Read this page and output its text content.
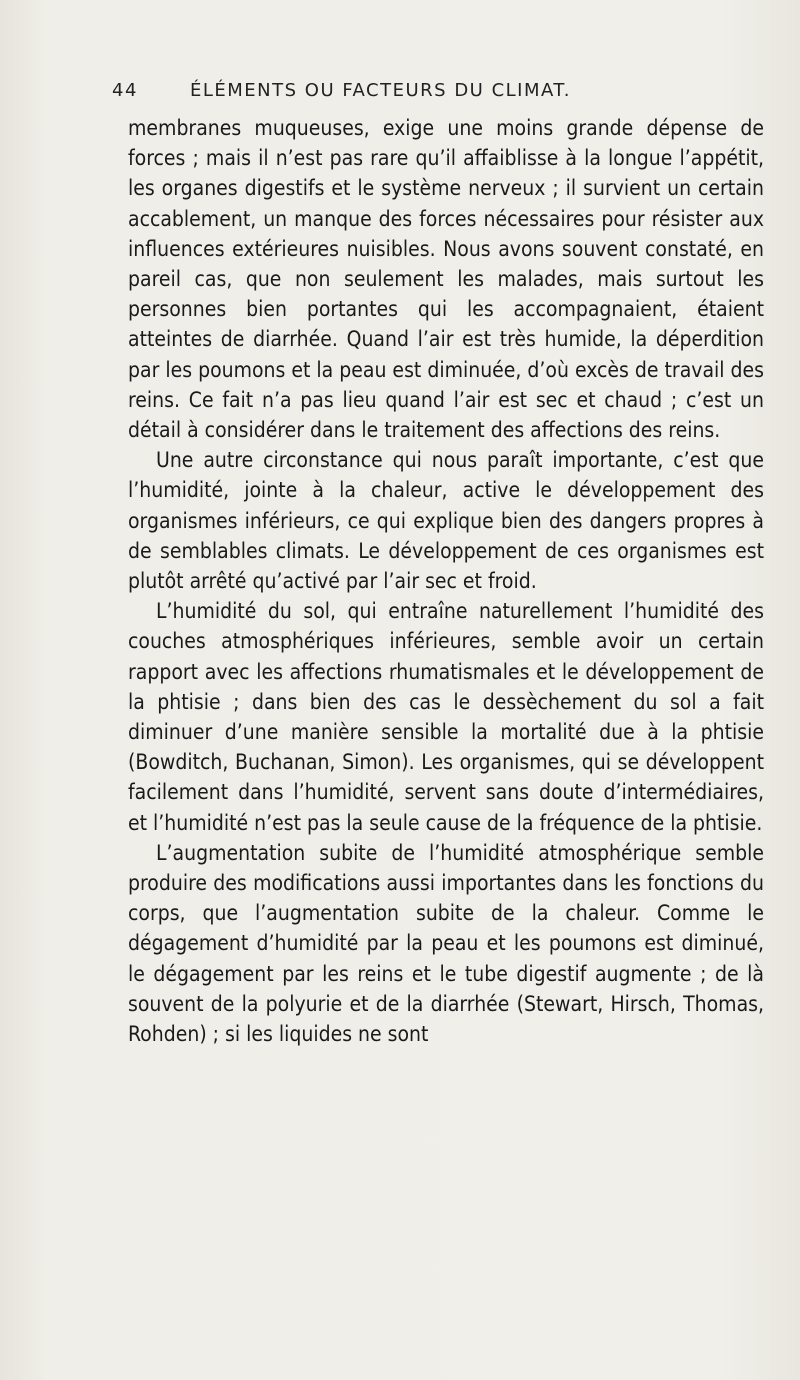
44	ÉLÉMENTS OU FACTEURS DU CLIMAT.

membranes muqueuses, exige une moins grande dépense de forces ; mais il n’est pas rare qu’il affaiblisse à la longue l’appétit, les organes digestifs et le système nerveux ; il survient un certain accablement, un manque des forces nécessaires pour résister aux influences extérieures nuisibles. Nous avons souvent constaté, en pareil cas, que non seulement les malades, mais surtout les personnes bien portantes qui les accompagnaient, étaient atteintes de diarrhée. Quand l’air est très humide, la déperdition par les poumons et la peau est diminuée, d’où excès de travail des reins. Ce fait n’a pas lieu quand l’air est sec et chaud ; c’est un détail à considérer dans le traitement des affections des reins.

Une autre circonstance qui nous paraît importante, c’est que l’humidité, jointe à la chaleur, active le développement des organismes inférieurs, ce qui explique bien des dangers propres à de semblables climats. Le développement de ces organismes est plutôt arrêté qu’activé par l’air sec et froid.

L’humidité du sol, qui entraîne naturellement l’humidité des couches atmosphériques inférieures, semble avoir un certain rapport avec les affections rhumatismales et le développement de la phtisie ; dans bien des cas le dessèchement du sol a fait diminuer d’une manière sensible la mortalité due à la phtisie (Bowditch, Buchanan, Simon). Les organismes, qui se développent facilement dans l’humidité, servent sans doute d’intermédiaires, et l’humidité n’est pas la seule cause de la fréquence de la phtisie.

L’augmentation subite de l’humidité atmosphérique semble produire des modifications aussi importantes dans les fonctions du corps, que l’augmentation subite de la chaleur. Comme le dégagement d’humidité par la peau et les poumons est diminué, le dégagement par les reins et le tube digestif augmente ; de là souvent de la polyurie et de la diarrhée (Stewart, Hirsch, Thomas, Rohden) ; si les liquides ne sont
